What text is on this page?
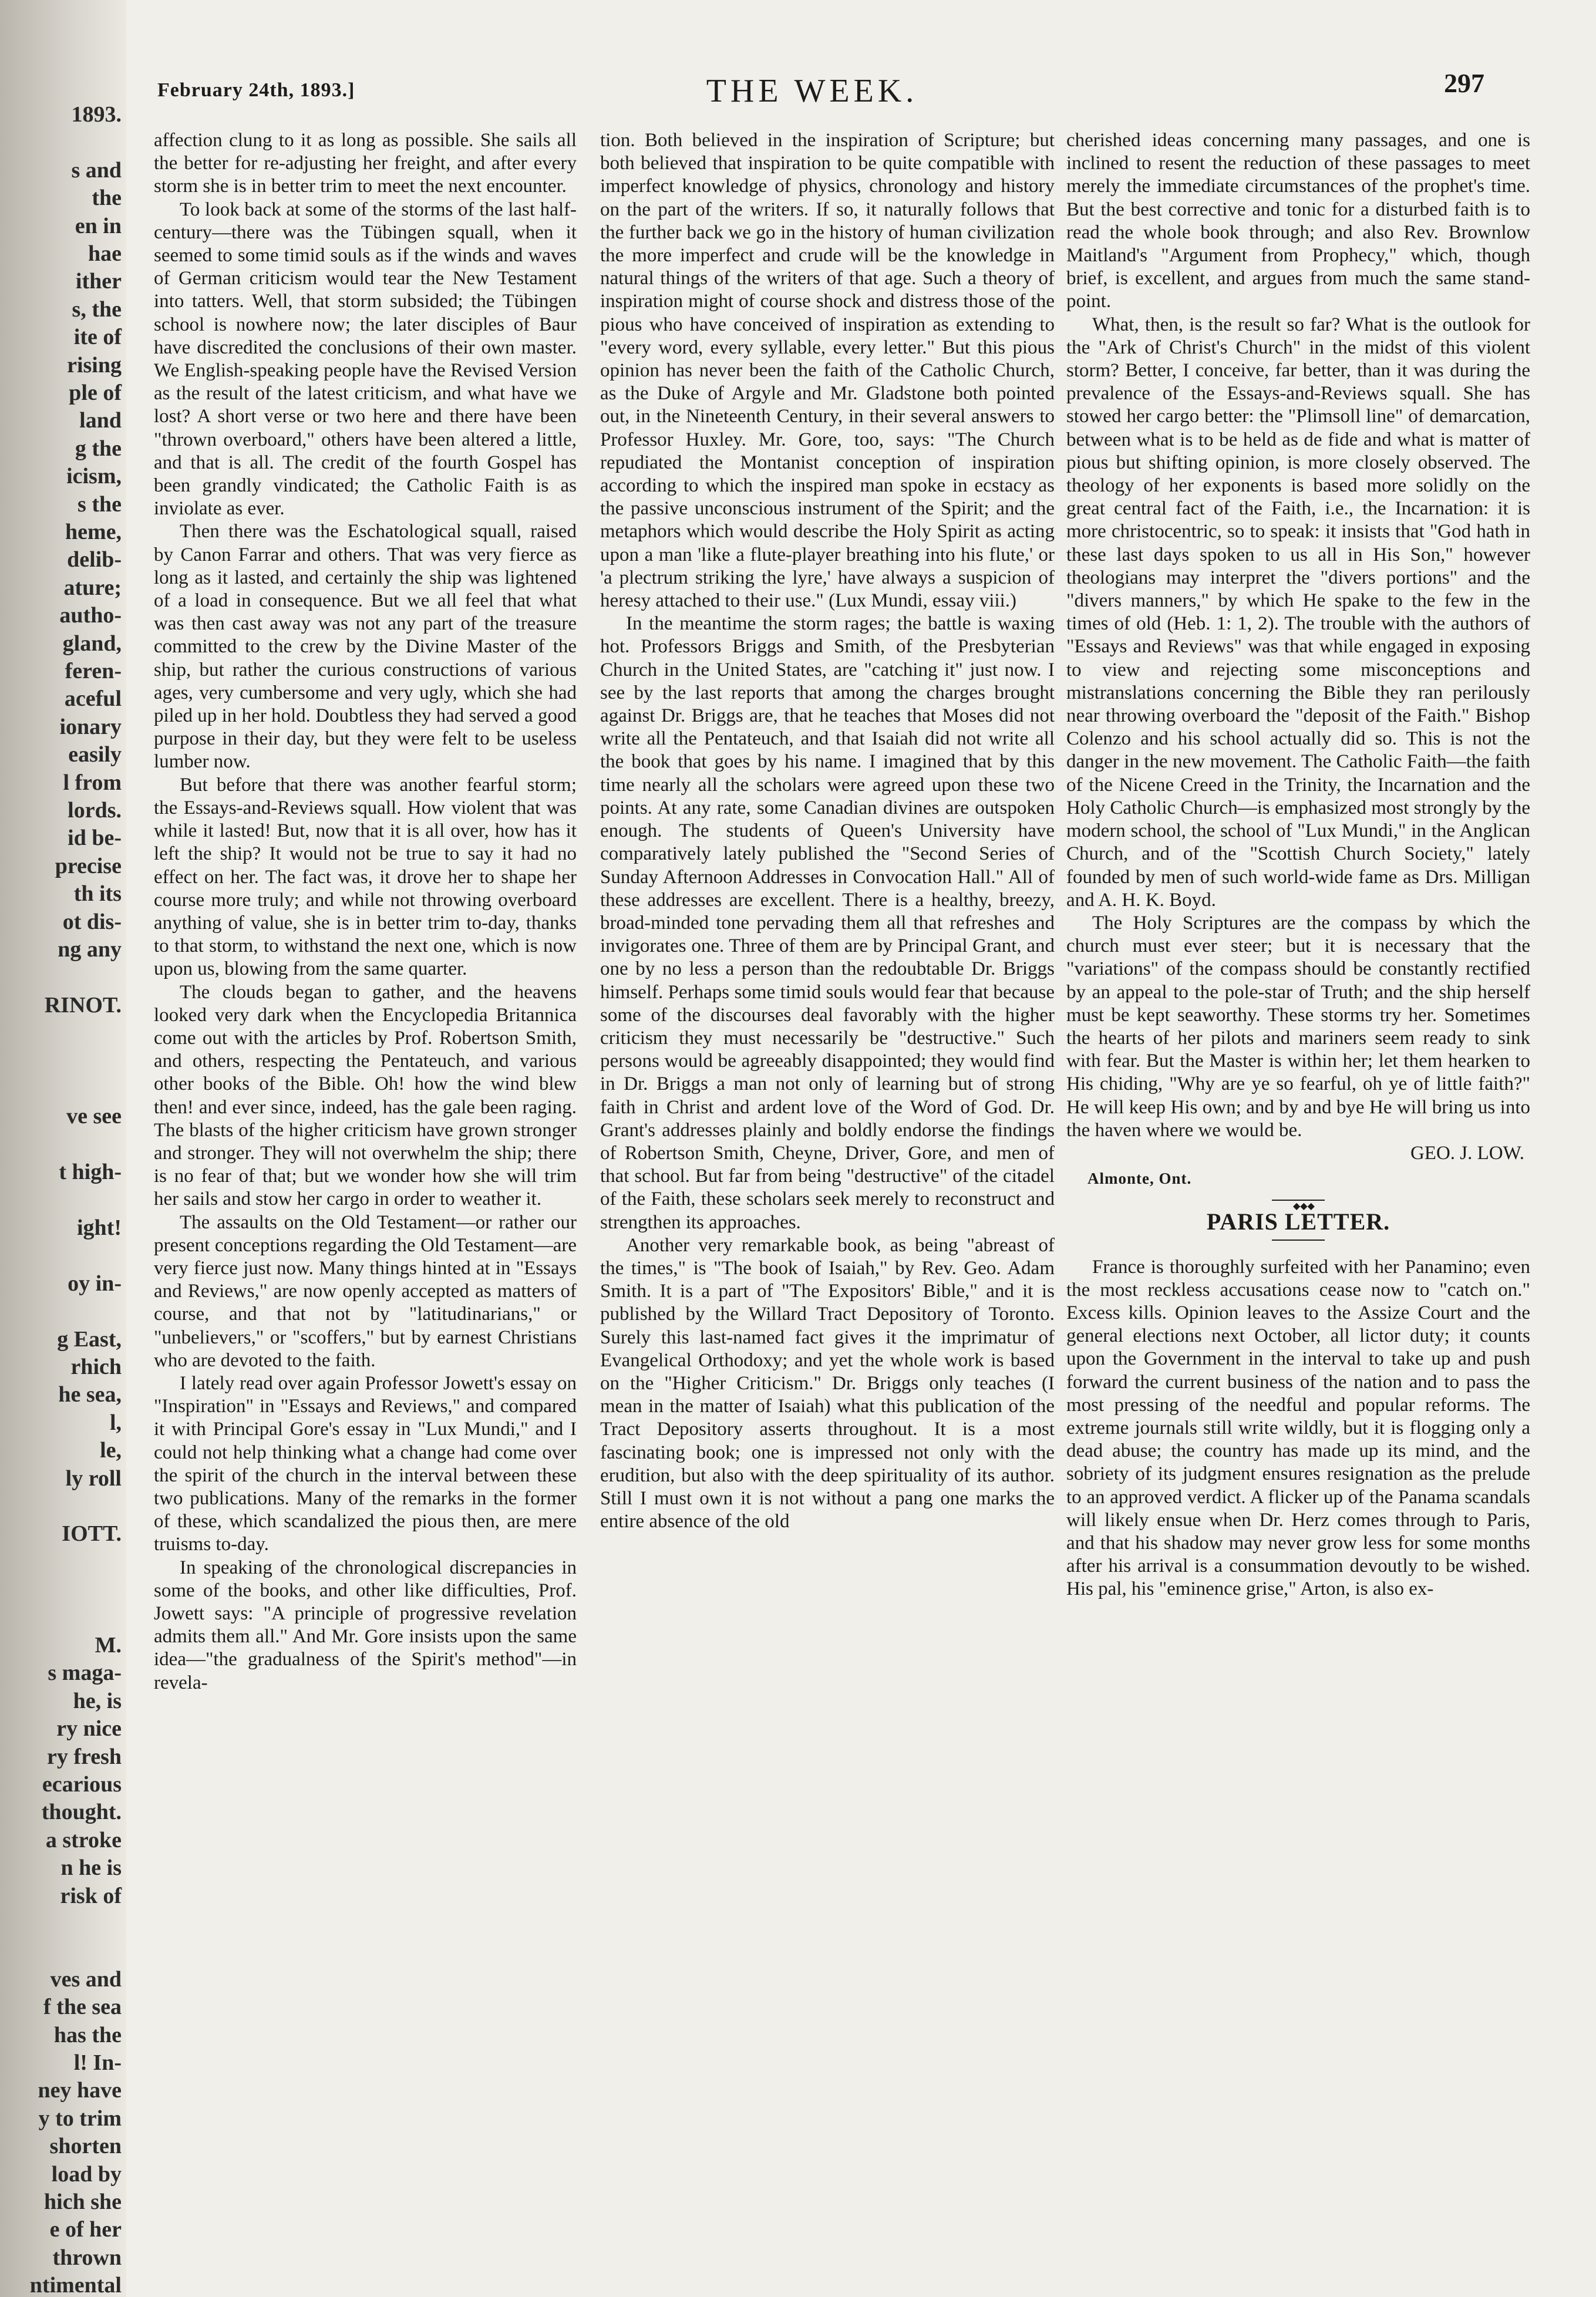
1893.
s and
the
en in
hae
ither
s, the
ite of
rising
ple of
land
g the
icism,
s the
heme,
delib-
ature;
autho-
gland,
feren-
aceful
ionary
easily
l from
lords.
id be-
precise
th its
ot dis-
ng any
RINOT.
ve see
t high-
ight!
oy in-
g East,
rhich
he sea,
l,
le,
ly roll
IOTT.
M.
s maga-
he, is
ry nice
ry fresh
ecarious
thought.
a stroke
n he is
risk of
ves and
f the sea
has the
l! In-
ney have
y to trim
shorten
load by
hich she
e of her
thrown
ntimental
February 24th, 1893.]	THE WEEK.	297

affection clung to it as long as possible. She sails all the better for re-adjusting her freight, and after every storm she is in better trim to meet the next encounter.

To look back at some of the storms of the last half-century—there was the Tübingen squall, when it seemed to some timid souls as if the winds and waves of German criticism would tear the New Testament into tatters. Well, that storm subsided; the Tübingen school is nowhere now; the later disciples of Baur have discredited the conclusions of their own master. We English-speaking people have the Revised Version as the result of the latest criticism, and what have we lost? A short verse or two here and there have been "thrown overboard," others have been altered a little, and that is all. The credit of the fourth Gospel has been grandly vindicated; the Catholic Faith is as inviolate as ever.

Then there was the Eschatological squall, raised by Canon Farrar and others. That was very fierce as long as it lasted, and certainly the ship was lightened of a load in consequence. But we all feel that what was then cast away was not any part of the treasure committed to the crew by the Divine Master of the ship, but rather the curious constructions of various ages, very cumbersome and very ugly, which she had piled up in her hold. Doubtless they had served a good purpose in their day, but they were felt to be useless lumber now.

But before that there was another fearful storm; the Essays-and-Reviews squall. How violent that was while it lasted! But, now that it is all over, how has it left the ship? It would not be true to say it had no effect on her. The fact was, it drove her to shape her course more truly; and while not throwing overboard anything of value, she is in better trim to-day, thanks to that storm, to withstand the next one, which is now upon us, blowing from the same quarter.

The clouds began to gather, and the heavens looked very dark when the Encyclopedia Britannica come out with the articles by Prof. Robertson Smith, and others, respecting the Pentateuch, and various other books of the Bible. Oh! how the wind blew then! and ever since, indeed, has the gale been raging. The blasts of the higher criticism have grown stronger and stronger. They will not overwhelm the ship; there is no fear of that; but we wonder how she will trim her sails and stow her cargo in order to weather it.

The assaults on the Old Testament—or rather our present conceptions regarding the Old Testament—are very fierce just now. Many things hinted at in "Essays and Reviews," are now openly accepted as matters of course, and that not by "latitudinarians," or "unbelievers," or "scoffers," but by earnest Christians who are devoted to the faith.

I lately read over again Professor Jowett's essay on "Inspiration" in "Essays and Reviews," and compared it with Principal Gore's essay in "Lux Mundi," and I could not help thinking what a change had come over the spirit of the church in the interval between these two publications. Many of the remarks in the former of these, which scandalized the pious then, are mere truisms to-day.

In speaking of the chronological discrepancies in some of the books, and other like difficulties, Prof. Jowett says: "A principle of progressive revelation admits them all." And Mr. Gore insists upon the same idea—"the gradualness of the Spirit's method"—in revela-

tion. Both believed in the inspiration of Scripture; but both believed that inspiration to be quite compatible with imperfect knowledge of physics, chronology and history on the part of the writers. If so, it naturally follows that the further back we go in the history of human civilization the more imperfect and crude will be the knowledge in natural things of the writers of that age. Such a theory of inspiration might of course shock and distress those of the pious who have conceived of inspiration as extending to "every word, every syllable, every letter." But this pious opinion has never been the faith of the Catholic Church, as the Duke of Argyle and Mr. Gladstone both pointed out, in the Nineteenth Century, in their several answers to Professor Huxley. Mr. Gore, too, says: "The Church repudiated the Montanist conception of inspiration according to which the inspired man spoke in ecstacy as the passive unconscious instrument of the Spirit; and the metaphors which would describe the Holy Spirit as acting upon a man 'like a flute-player breathing into his flute,' or 'a plectrum striking the lyre,' have always a suspicion of heresy attached to their use." (Lux Mundi, essay viii.)

In the meantime the storm rages; the battle is waxing hot. Professors Briggs and Smith, of the Presbyterian Church in the United States, are "catching it" just now. I see by the last reports that among the charges brought against Dr. Briggs are, that he teaches that Moses did not write all the Pentateuch, and that Isaiah did not write all the book that goes by his name. I imagined that by this time nearly all the scholars were agreed upon these two points. At any rate, some Canadian divines are outspoken enough. The students of Queen's University have comparatively lately published the "Second Series of Sunday Afternoon Addresses in Convocation Hall." All of these addresses are excellent. There is a healthy, breezy, broad-minded tone pervading them all that refreshes and invigorates one. Three of them are by Principal Grant, and one by no less a person than the redoubtable Dr. Briggs himself. Perhaps some timid souls would fear that because some of the discourses deal favorably with the higher criticism they must necessarily be "destructive." Such persons would be agreeably disappointed; they would find in Dr. Briggs a man not only of learning but of strong faith in Christ and ardent love of the Word of God. Dr. Grant's addresses plainly and boldly endorse the findings of Robertson Smith, Cheyne, Driver, Gore, and men of that school. But far from being "destructive" of the citadel of the Faith, these scholars seek merely to reconstruct and strengthen its approaches.

Another very remarkable book, as being "abreast of the times," is "The book of Isaiah," by Rev. Geo. Adam Smith. It is a part of "The Expositors' Bible," and it is published by the Willard Tract Depository of Toronto. Surely this last-named fact gives it the imprimatur of Evangelical Orthodoxy; and yet the whole work is based on the "Higher Criticism." Dr. Briggs only teaches (I mean in the matter of Isaiah) what this publication of the Tract Depository asserts throughout. It is a most fascinating book; one is impressed not only with the erudition, but also with the deep spirituality of its author. Still I must own it is not without a pang one marks the entire absence of the old

cherished ideas concerning many passages, and one is inclined to resent the reduction of these passages to meet merely the immediate circumstances of the prophet's time. But the best corrective and tonic for a disturbed faith is to read the whole book through; and also Rev. Brownlow Maitland's "Argument from Prophecy," which, though brief, is excellent, and argues from much the same stand-point.

What, then, is the result so far? What is the outlook for the "Ark of Christ's Church" in the midst of this violent storm? Better, I conceive, far better, than it was during the prevalence of the Essays-and-Reviews squall. She has stowed her cargo better: the "Plimsoll line" of demarcation, between what is to be held as de fide and what is matter of pious but shifting opinion, is more closely observed. The theology of her exponents is based more solidly on the great central fact of the Faith, i.e., the Incarnation: it is more christocentric, so to speak: it insists that "God hath in these last days spoken to us all in His Son," however theologians may interpret the "divers portions" and the "divers manners," by which He spake to the few in the times of old (Heb. 1: 1, 2). The trouble with the authors of "Essays and Reviews" was that while engaged in exposing to view and rejecting some misconceptions and mistranslations concerning the Bible they ran perilously near throwing overboard the "deposit of the Faith." Bishop Colenzo and his school actually did so. This is not the danger in the new movement. The Catholic Faith—the faith of the Nicene Creed in the Trinity, the Incarnation and the Holy Catholic Church—is emphasized most strongly by the modern school, the school of "Lux Mundi," in the Anglican Church, and of the "Scottish Church Society," lately founded by men of such world-wide fame as Drs. Milligan and A. H. K. Boyd.

The Holy Scriptures are the compass by which the church must ever steer; but it is necessary that the "variations" of the compass should be constantly rectified by an appeal to the pole-star of Truth; and the ship herself must be kept seaworthy. These storms try her. Sometimes the hearts of her pilots and mariners seem ready to sink with fear. But the Master is within her; let them hearken to His chiding, "Why are ye so fearful, oh ye of little faith?" He will keep His own; and by and bye He will bring us into the haven where we would be.

GEO. J. LOW.
Almonte, Ont.
◆◆◆
PARIS LETTER.

France is thoroughly surfeited with her Panamino; even the most reckless accusations cease now to "catch on." Excess kills. Opinion leaves to the Assize Court and the general elections next October, all lictor duty; it counts upon the Government in the interval to take up and push forward the current business of the nation and to pass the most pressing of the needful and popular reforms. The extreme journals still write wildly, but it is flogging only a dead abuse; the country has made up its mind, and the sobriety of its judgment ensures resignation as the prelude to an approved verdict. A flicker up of the Panama scandals will likely ensue when Dr. Herz comes through to Paris, and that his shadow may never grow less for some months after his arrival is a consummation devoutly to be wished. His pal, his "eminence grise," Arton, is also ex-
